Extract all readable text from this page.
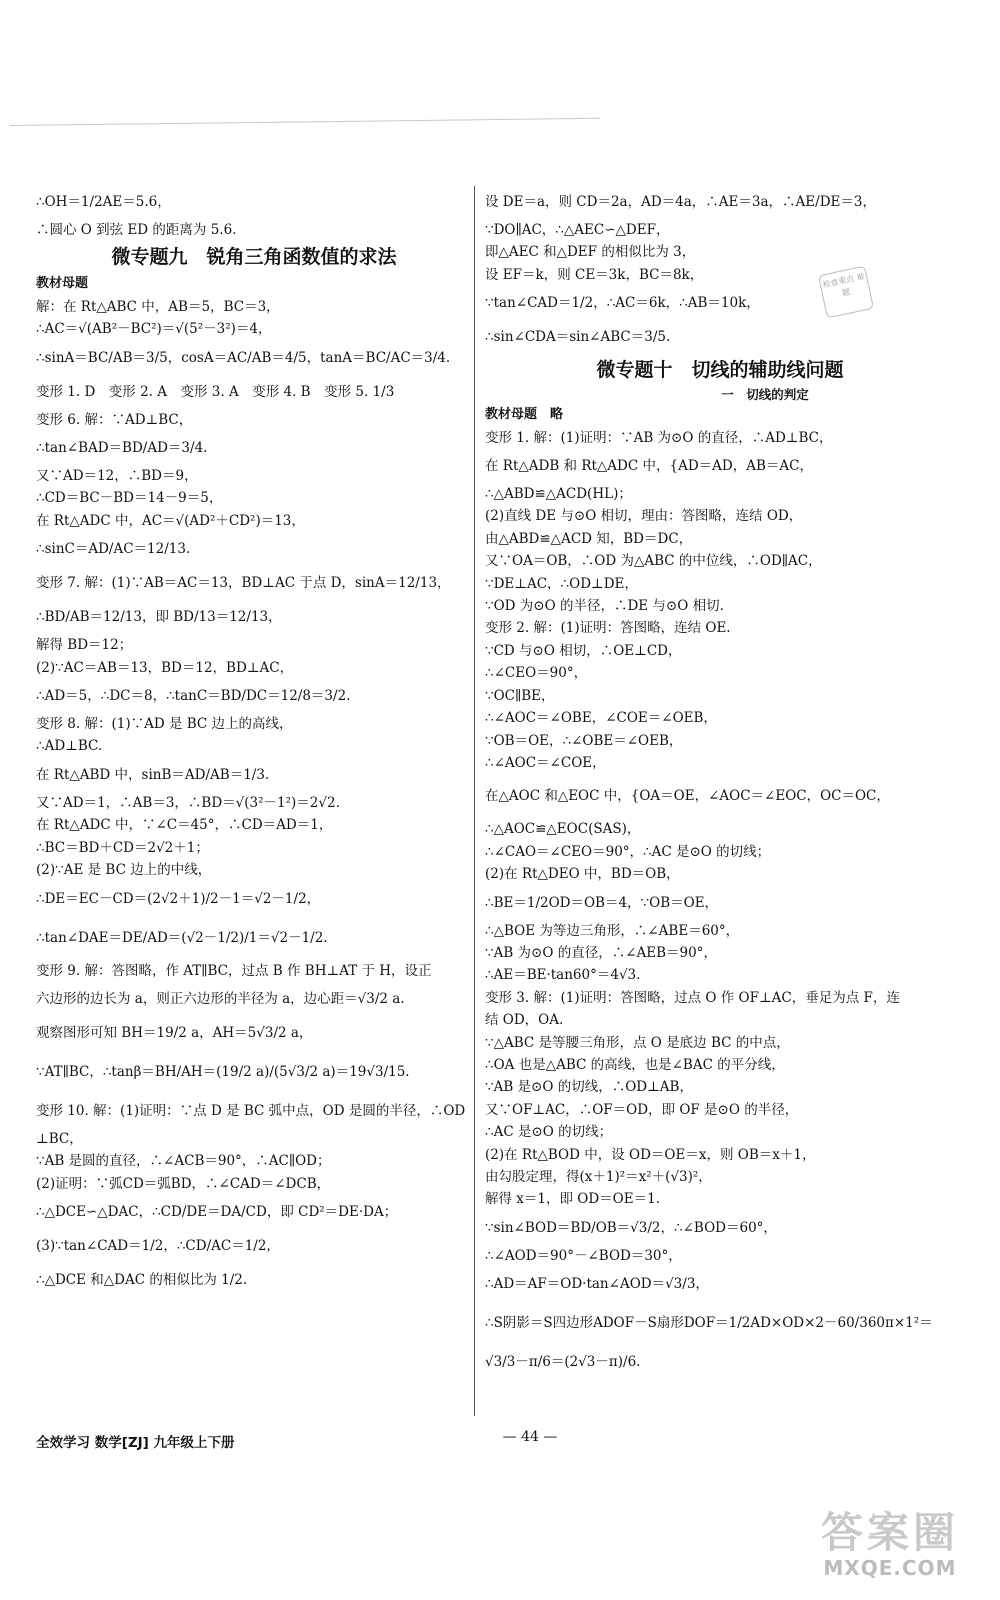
∴OH＝1/2AE＝5.6，
∴圆心 O 到弦 ED 的距离为 5.6.
微专题九　锐角三角函数值的求法
教材母题
解：在 Rt△ABC 中，AB＝5，BC＝3，
∴AC＝√(AB²－BC²)＝√(5²－3²)＝4，
∴sinA＝BC/AB＝3/5，cosA＝AC/AB＝4/5，tanA＝BC/AC＝3/4.
变形 1. D　变形 2. A　变形 3. A　变形 4. B　变形 5. 1/3
变形 6. 解：∵AD⊥BC，
∴tan∠BAD＝BD/AD＝3/4.
又∵AD＝12，∴BD＝9，
∴CD＝BC－BD＝14－9＝5，
在 Rt△ADC 中，AC＝√(AD²＋CD²)＝13，
∴sinC＝AD/AC＝12/13.
变形 7. 解：(1)∵AB＝AC＝13，BD⊥AC 于点 D，sinA＝12/13，
∴BD/AB＝12/13，即 BD/13＝12/13，
解得 BD＝12；
(2)∵AC＝AB＝13，BD＝12，BD⊥AC，
∴AD＝5，∴DC＝8，∴tanC＝BD/DC＝12/8＝3/2.
变形 8. 解：(1)∵AD 是 BC 边上的高线，
∴AD⊥BC.
在 Rt△ABD 中，sinB＝AD/AB＝1/3.
又∵AD＝1，∴AB＝3，∴BD＝√(3²－1²)＝2√2.
在 Rt△ADC 中，∵∠C＝45°，∴CD＝AD＝1，
∴BC＝BD＋CD＝2√2＋1；
(2)∵AE 是 BC 边上的中线，
∴DE＝EC－CD＝(2√2＋1)/2－1＝√2－1/2，
∴tan∠DAE＝DE/AD＝(√2－1/2)/1＝√2－1/2.
变形 9. 解：答图略，作 AT∥BC，过点 B 作 BH⊥AT 于 H，设正
六边形的边长为 a，则正六边形的半径为 a，边心距＝√3/2 a.
观察图形可知 BH＝19/2 a，AH＝5√3/2 a，
∵AT∥BC，∴tanβ＝BH/AH＝(19/2 a)/(5√3/2 a)＝19√3/15.
变形 10. 解：(1)证明：∵点 D 是 BC 弧中点，OD 是圆的半径，∴OD
⊥BC，
∵AB 是圆的直径，∴∠ACB＝90°，∴AC∥OD；
(2)证明：∵弧CD＝弧BD，∴∠CAD＝∠DCB，
∴△DCE∽△DAC，∴CD/DE＝DA/CD，即 CD²＝DE·DA；
(3)∵tan∠CAD＝1/2，∴CD/AC＝1/2，
∴△DCE 和△DAC 的相似比为 1/2.
设 DE＝a，则 CD＝2a，AD＝4a，∴AE＝3a，∴AE/DE＝3，
∵DO∥AC，∴△AEC∽△DEF，
即△AEC 和△DEF 的相似比为 3，
设 EF＝k，则 CE＝3k，BC＝8k，
∵tan∠CAD＝1/2，∴AC＝6k，∴AB＝10k，
∴sin∠CDA＝sin∠ABC＝3/5.
微专题十　切线的辅助线问题
一　切线的判定
教材母题　略
变形 1. 解：(1)证明：∵AB 为⊙O 的直径，∴AD⊥BC，
在 Rt△ADB 和 Rt△ADC 中，{AD＝AD，AB＝AC，
∴△ABD≌△ACD(HL)；
(2)直线 DE 与⊙O 相切，理由：答图略，连结 OD，
由△ABD≌△ACD 知，BD＝DC，
又∵OA＝OB，∴OD 为△ABC 的中位线，∴OD∥AC，
∵DE⊥AC，∴OD⊥DE，
∵OD 为⊙O 的半径，∴DE 与⊙O 相切.
变形 2. 解：(1)证明：答图略，连结 OE.
∵CD 与⊙O 相切，∴OE⊥CD，
∴∠CEO＝90°，
∵OC∥BE，
∴∠AOC＝∠OBE，∠COE＝∠OEB，
∵OB＝OE，∴∠OBE＝∠OEB，
∴∠AOC＝∠COE，
在△AOC 和△EOC 中，{OA＝OE，∠AOC＝∠EOC，OC＝OC，
∴△AOC≌△EOC(SAS)，
∴∠CAO＝∠CEO＝90°，∴AC 是⊙O 的切线；
(2)在 Rt△DEO 中，BD＝OB，
∴BE＝1/2OD＝OB＝4，∵OB＝OE，
∴△BOE 为等边三角形，∴∠ABE＝60°，
∵AB 为⊙O 的直径，∴∠AEB＝90°，
∴AE＝BE·tan60°＝4√3.
变形 3. 解：(1)证明：答图略，过点 O 作 OF⊥AC，垂足为点 F，连
结 OD，OA.
∵△ABC 是等腰三角形，点 O 是底边 BC 的中点，
∴OA 也是△ABC 的高线，也是∠BAC 的平分线，
∵AB 是⊙O 的切线，∴OD⊥AB，
又∵OF⊥AC，∴OF＝OD，即 OF 是⊙O 的半径，
∴AC 是⊙O 的切线；
(2)在 Rt△BOD 中，设 OD＝OE＝x，则 OB＝x＋1，
由勾股定理，得(x＋1)²＝x²＋(√3)²，
解得 x＝1，即 OD＝OE＝1.
∵sin∠BOD＝BD/OB＝√3/2，∴∠BOD＝60°，
∴∠AOD＝90°－∠BOD＝30°，
∴AD＝AF＝OD·tan∠AOD＝√3/3，
∴S阴影＝S四边形ADOF－S扇形DOF＝1/2AD×OD×2－60/360π×1²＝
√3/3－π/6＝(2√3－π)/6.
检查重点 难题
全效学习 数学[ZJ] 九年级上下册	— 44 —
答案圈
MXQE.COM
